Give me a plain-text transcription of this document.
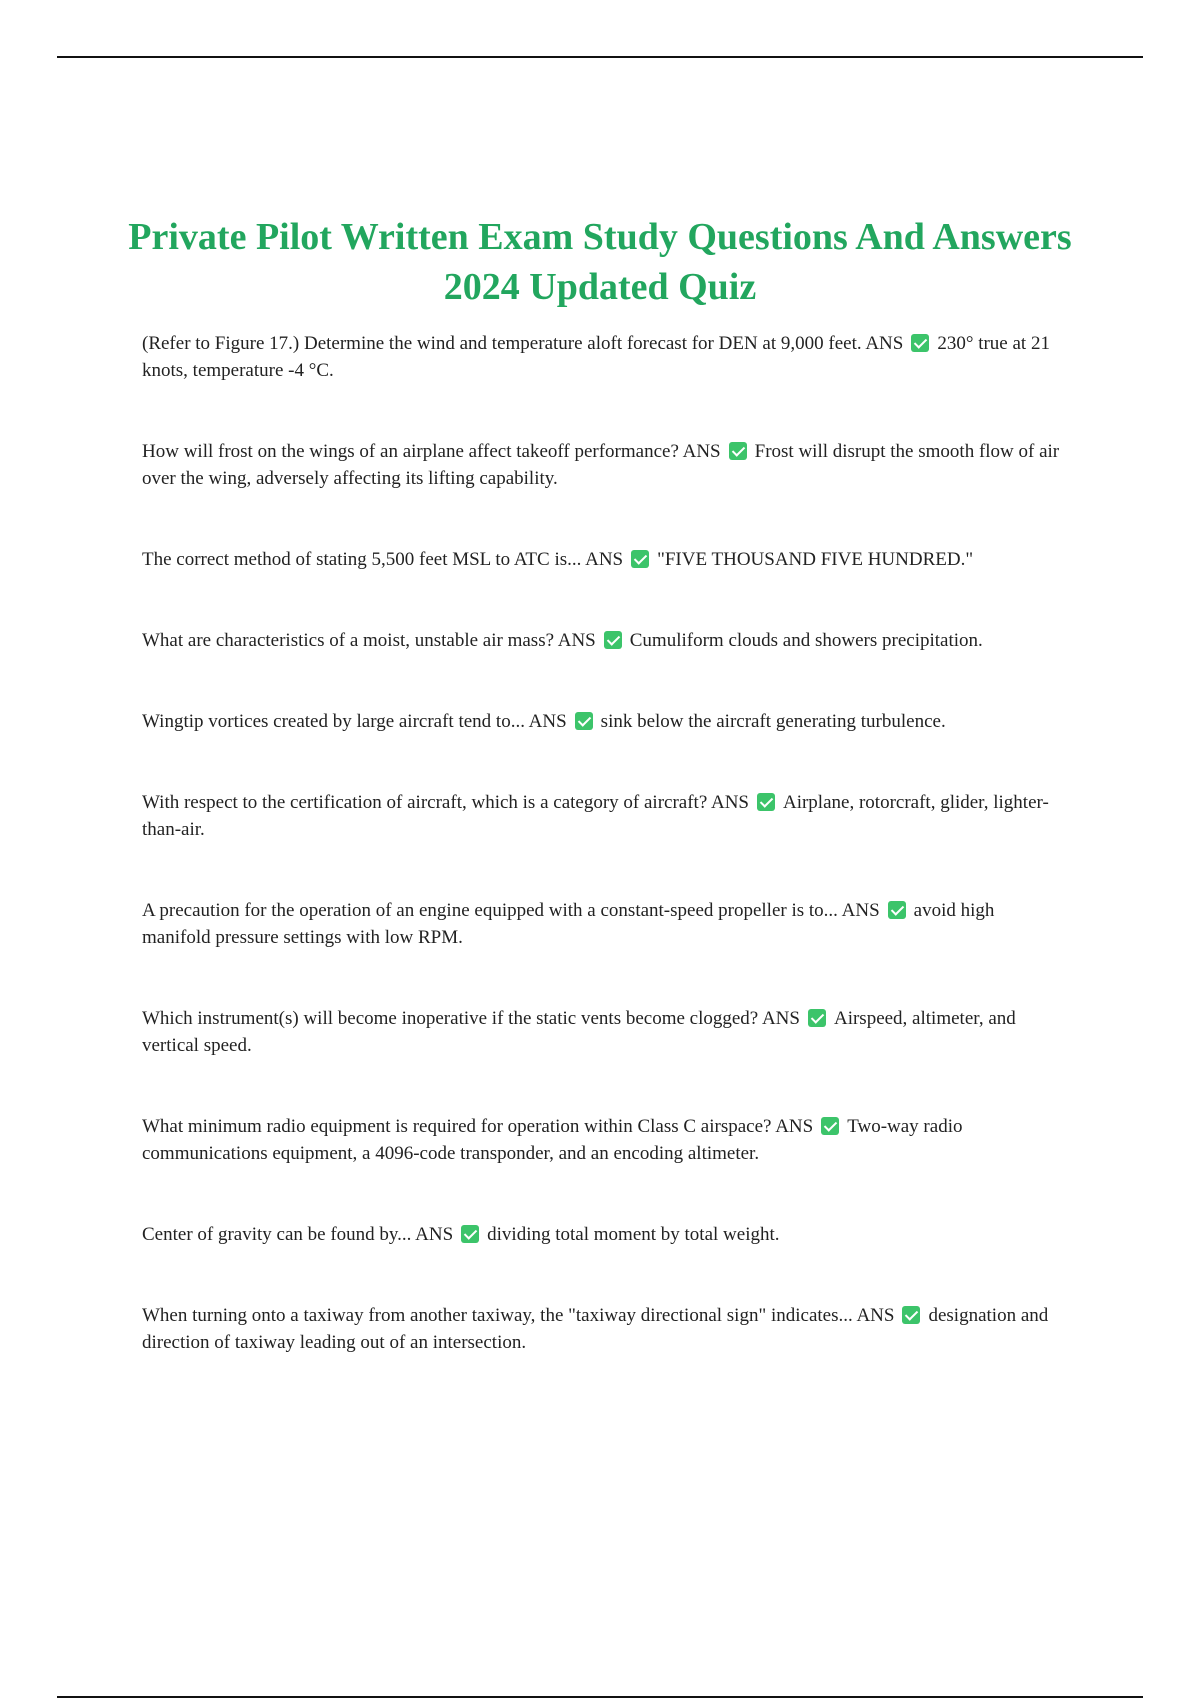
Private Pilot Written Exam Study Questions And Answers 2024 Updated Quiz
(Refer to Figure 17.) Determine the wind and temperature aloft forecast for DEN at 9,000 feet. ANS 230° true at 21 knots, temperature -4 °C.
How will frost on the wings of an airplane affect takeoff performance? ANS Frost will disrupt the smooth flow of air over the wing, adversely affecting its lifting capability.
The correct method of stating 5,500 feet MSL to ATC is... ANS "FIVE THOUSAND FIVE HUNDRED."
What are characteristics of a moist, unstable air mass? ANS Cumuliform clouds and showers precipitation.
Wingtip vortices created by large aircraft tend to... ANS sink below the aircraft generating turbulence.
With respect to the certification of aircraft, which is a category of aircraft? ANS Airplane, rotorcraft, glider, lighter-than-air.
A precaution for the operation of an engine equipped with a constant-speed propeller is to... ANS avoid high manifold pressure settings with low RPM.
Which instrument(s) will become inoperative if the static vents become clogged? ANS Airspeed, altimeter, and vertical speed.
What minimum radio equipment is required for operation within Class C airspace? ANS Two-way radio communications equipment, a 4096-code transponder, and an encoding altimeter.
Center of gravity can be found by... ANS dividing total moment by total weight.
When turning onto a taxiway from another taxiway, the "taxiway directional sign" indicates... ANS designation and direction of taxiway leading out of an intersection.
